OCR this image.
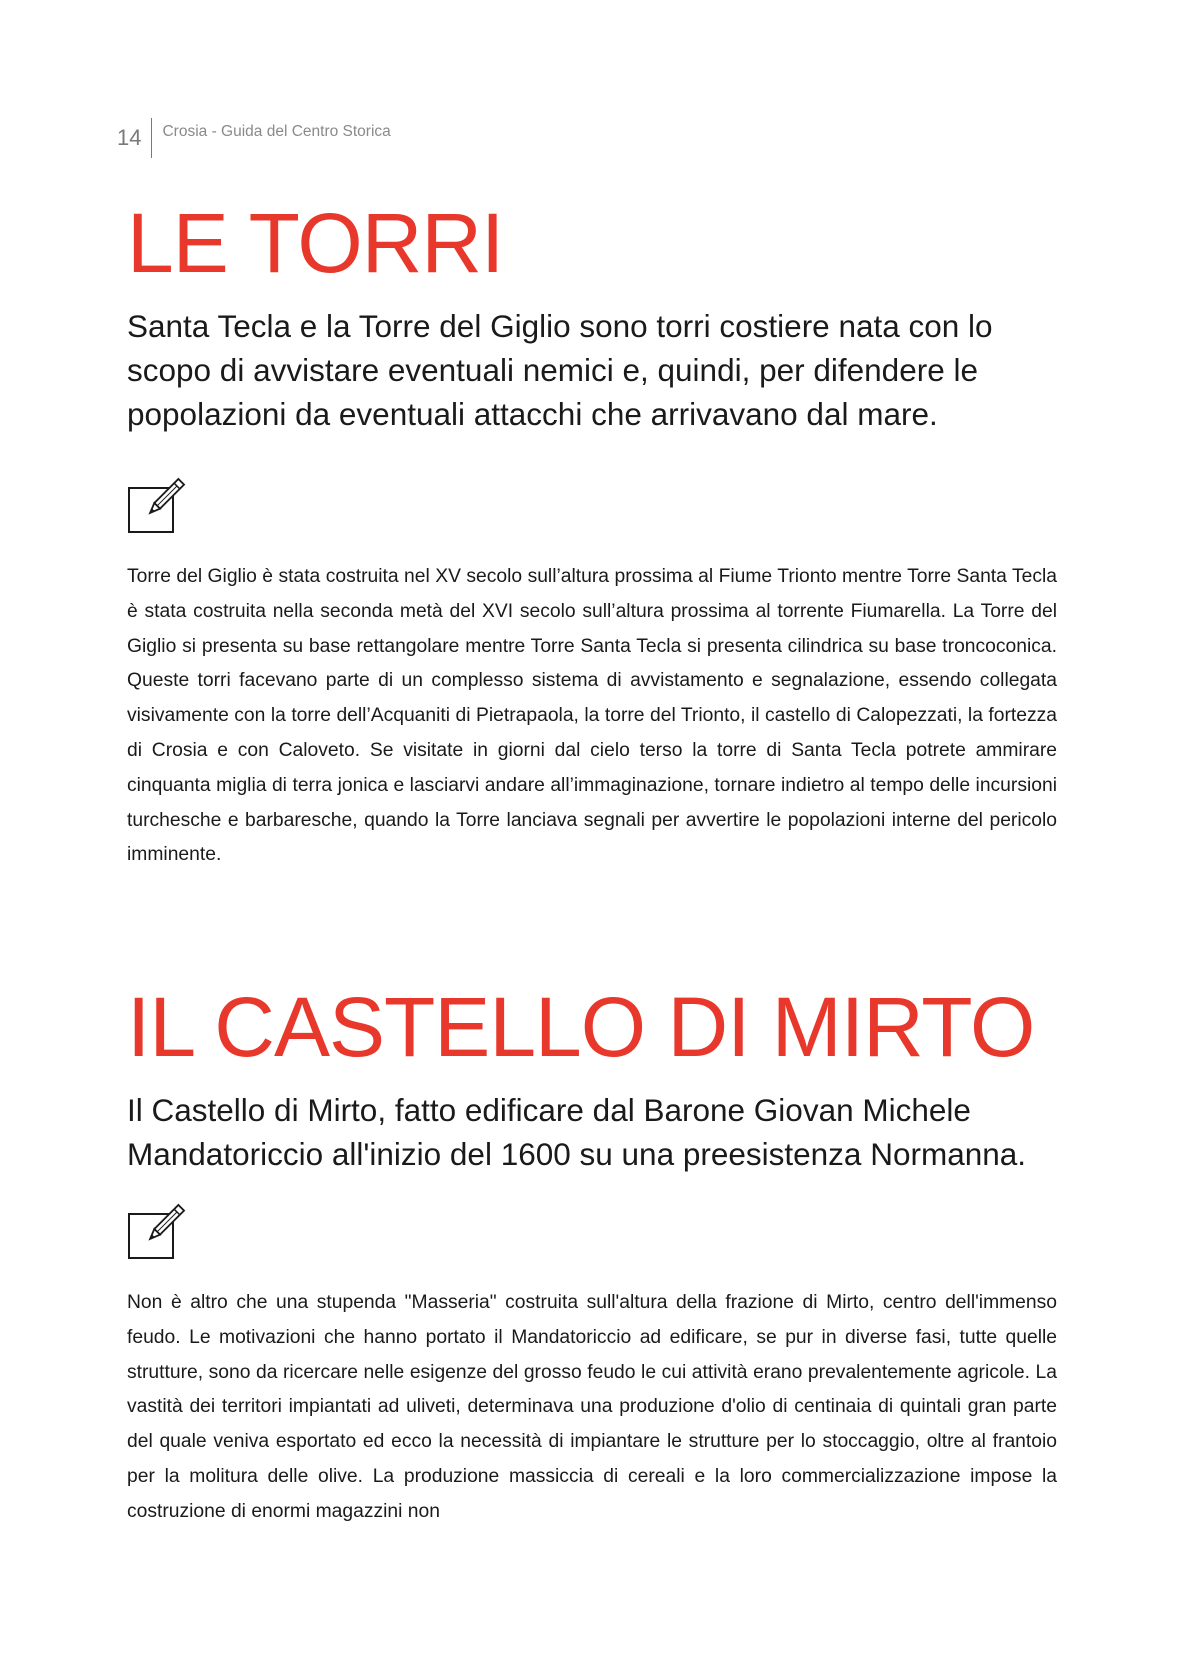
14	Crosia - Guida del Centro Storica
LE TORRI

Santa Tecla e la Torre del Giglio sono torri costiere nata con lo scopo di avvistare eventuali nemici e, quindi, per difendere le popolazioni da eventuali attacchi che arrivavano dal mare.

Torre del Giglio è stata costruita nel XV secolo sull’altura prossima al Fiume Trionto mentre Torre Santa Tecla è stata costruita nella seconda metà del XVI secolo sull’altura prossima al torrente Fiumarella. La Torre del Giglio si presenta su base rettangolare mentre Torre Santa Tecla si presenta cilindrica su base troncoconica. Queste torri facevano parte di un complesso sistema di avvistamento e segnalazione, essendo collegata visivamente con la torre dell’Acquaniti di Pietrapaola, la torre del Trionto, il castello di Calopezzati, la fortezza di Crosia e con Caloveto. Se visitate in giorni dal cielo terso la torre di Santa Tecla potrete ammirare cinquanta miglia di terra jonica e lasciarvi andare all’immaginazione, tornare indietro al tempo delle incursioni turchesche e barbaresche, quando la Torre lanciava segnali per avvertire le popolazioni interne del pericolo imminente.

IL CASTELLO DI MIRTO

Il Castello di Mirto, fatto edificare dal Barone Giovan Michele Mandatoriccio all'inizio del 1600 su una preesistenza Normanna.

Non è altro che una stupenda "Masseria" costruita sull'altura della frazione di Mirto, centro dell'immenso feudo. Le motivazioni che hanno portato il Mandatoriccio ad edificare, se pur in diverse fasi, tutte quelle strutture, sono da ricercare nelle esigenze del grosso feudo le cui attività erano prevalentemente agricole. La vastità dei territori impiantati ad uliveti, determinava una produzione d'olio di centinaia di quintali gran parte del quale veniva esportato ed ecco la necessità di impiantare le strutture per lo stoccaggio, oltre al frantoio per la molitura delle olive. La produzione massiccia di cereali e la loro commercializzazione impose la costruzione di enormi magazzini non
